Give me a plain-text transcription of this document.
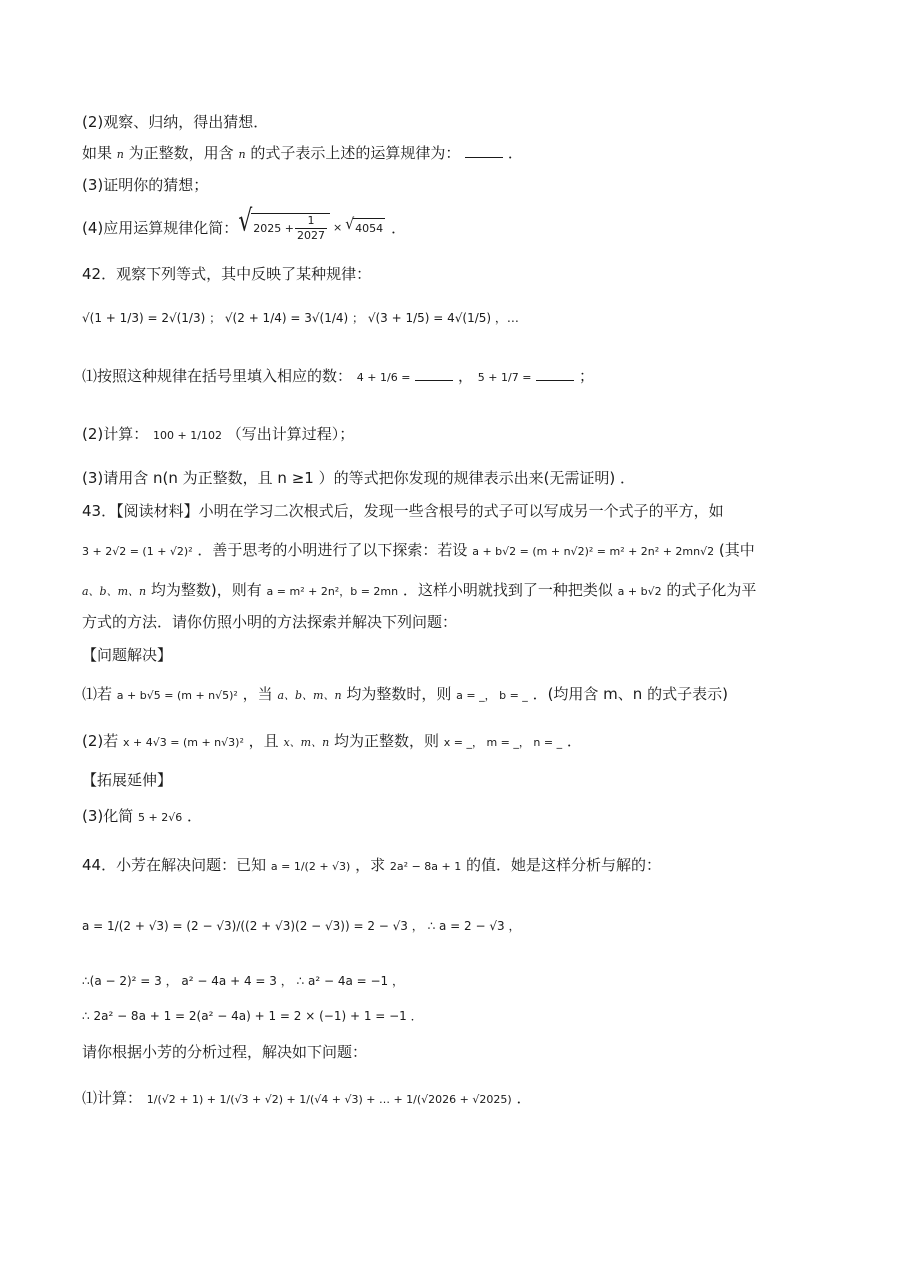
(2)观察、归纳，得出猜想．
如果 n 为正整数，用含 n 的式子表示上述的运算规律为：	．
(3)证明你的猜想；
(4)应用运算规律化简： √ $2025 + \frac{1}{2027}$ × √ 4054 ．
42．观察下列等式，其中反映了某种规律：
√(1 + 1/3) = 2√(1/3) ； √(2 + 1/4) = 3√(1/4) ； √(3 + 1/5) = 4√(1/5) ，…
⑴按照这种规律在括号里填入相应的数： 4 + 1/6 =	， 5 + 1/7 =	；
(2)计算： 100 + 1/102 （写出计算过程）；
(3)请用含 n(n 为正整数，且 n ≥1 ）的等式把你发现的规律表示出来(无需证明) ．
43．【阅读材料】小明在学习二次根式后，发现一些含根号的式子可以写成另一个式子的平方，如
3 + 2√2 = (1 + √2)² ．善于思考的小明进行了以下探索：若设 a + b√2 = (m + n√2)² = m² + 2n² + 2mn√2 (其中
a、b、m、n 均为整数)，则有 a = m² + 2n²，b = 2mn ．这样小明就找到了一种把类似 a + b√2 的式子化为平
方式的方法．请你仿照小明的方法探索并解决下列问题：
【问题解决】
⑴若 a + b√5 = (m + n√5)² ，当 a、b、m、n 均为整数时，则 a = _， b = _ ．(均用含 m、n 的式子表示)
(2)若 x + 4√3 = (m + n√3)² ，且 x、m、n 均为正整数，则 x = _， m = _， n = _ ．
【拓展延伸】
(3)化简 5 + 2√6 ．
44．小芳在解决问题：已知 a = 1/(2 + √3) ，求 2a² − 8a + 1 的值．她是这样分析与解的：
a = 1/(2 + √3) = (2 − √3)/((2 + √3)(2 − √3)) = 2 − √3 ， ∴ a = 2 − √3 ，
∴(a − 2)² = 3 ， a² − 4a + 4 = 3 ， ∴ a² − 4a = −1 ，
∴ 2a² − 8a + 1 = 2(a² − 4a) + 1 = 2 × (−1) + 1 = −1 ．
请你根据小芳的分析过程，解决如下问题：
⑴计算： 1/(√2 + 1) + 1/(√3 + √2) + 1/(√4 + √3) + … + 1/(√2026 + √2025) ．
